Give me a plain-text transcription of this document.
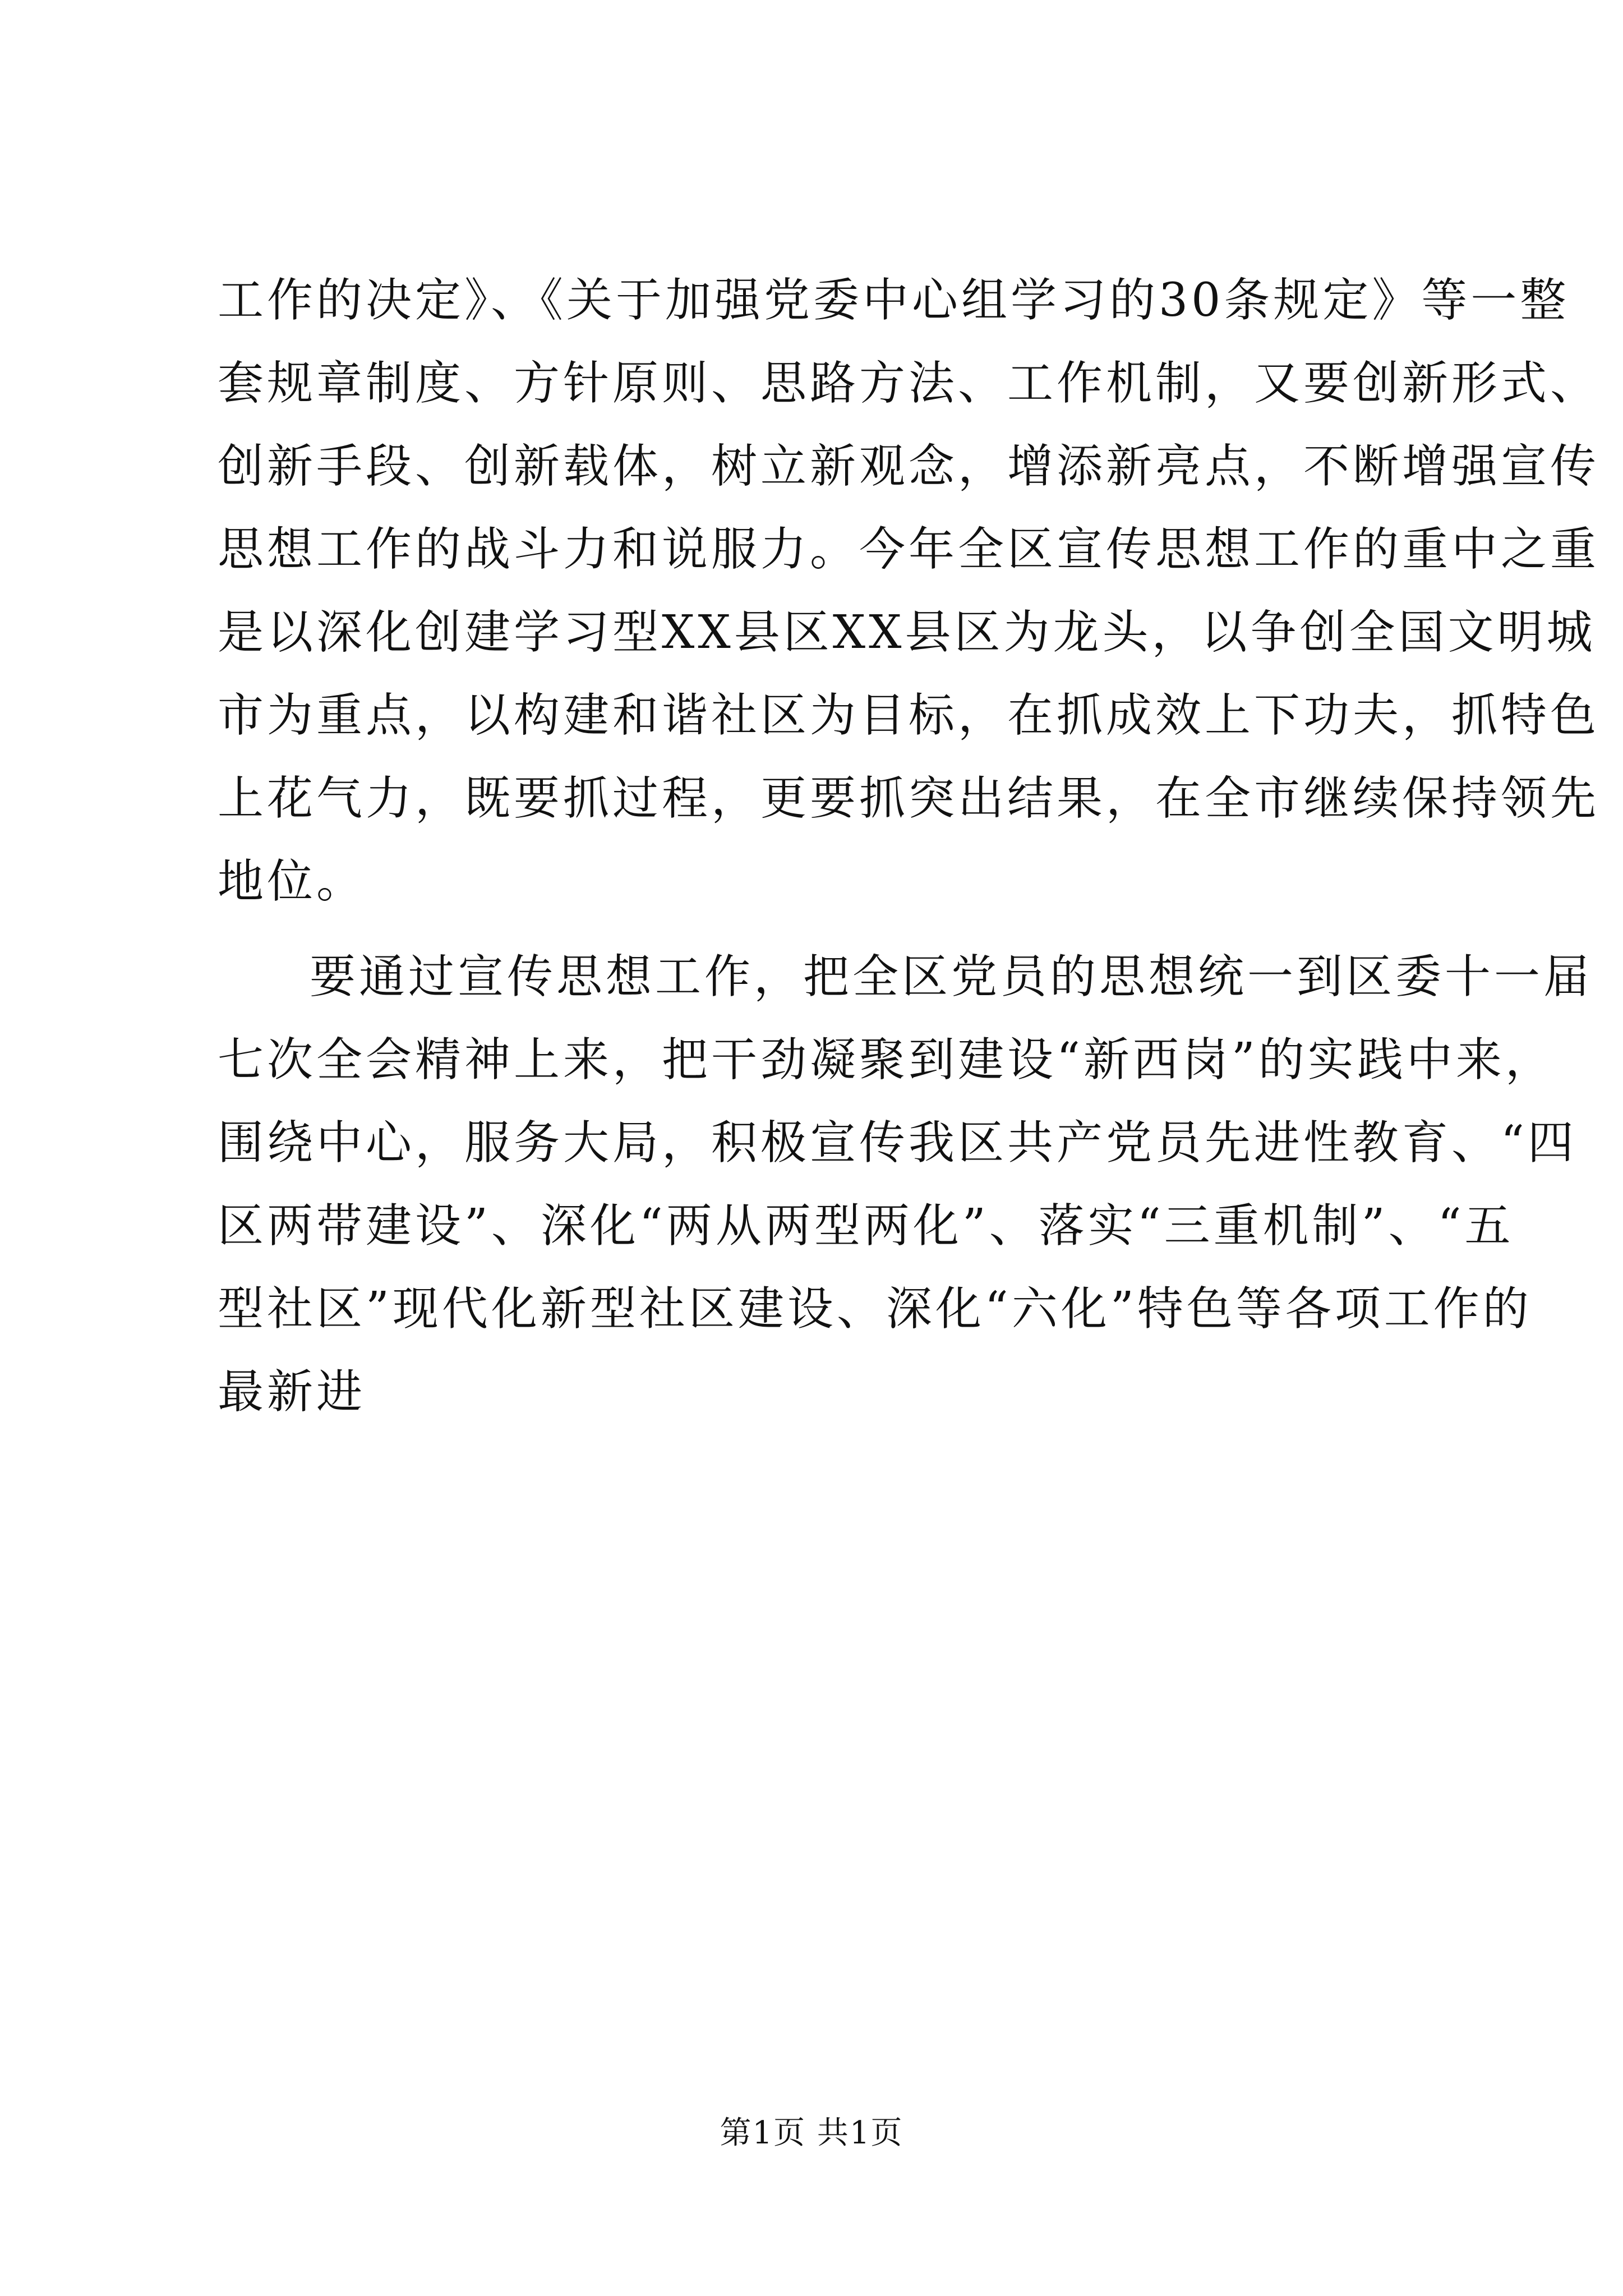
工作的决定》、《关于加强党委中心组学习的30条规定》等一整
套规章制度、方针原则、思路方法、工作机制，又要创新形式、
创新手段、创新载体，树立新观念，增添新亮点，不断增强宣传
思想工作的战斗力和说服力。今年全区宣传思想工作的重中之重
是以深化创建学习型XX县区XX县区为龙头，以争创全国文明城
市为重点，以构建和谐社区为目标，在抓成效上下功夫，抓特色
上花气力，既要抓过程，更要抓突出结果，在全市继续保持领先
地位。
要通过宣传思想工作，把全区党员的思想统一到区委十一届
七次全会精神上来，把干劲凝聚到建设“新西岗”的实践中来，
围绕中心，服务大局，积极宣传我区共产党员先进性教育、“四
区两带建设”、深化“两从两型两化”、落实“三重机制”、“五
型社区”现代化新型社区建设、深化“六化”特色等各项工作的
最新进
第1页 共1页
